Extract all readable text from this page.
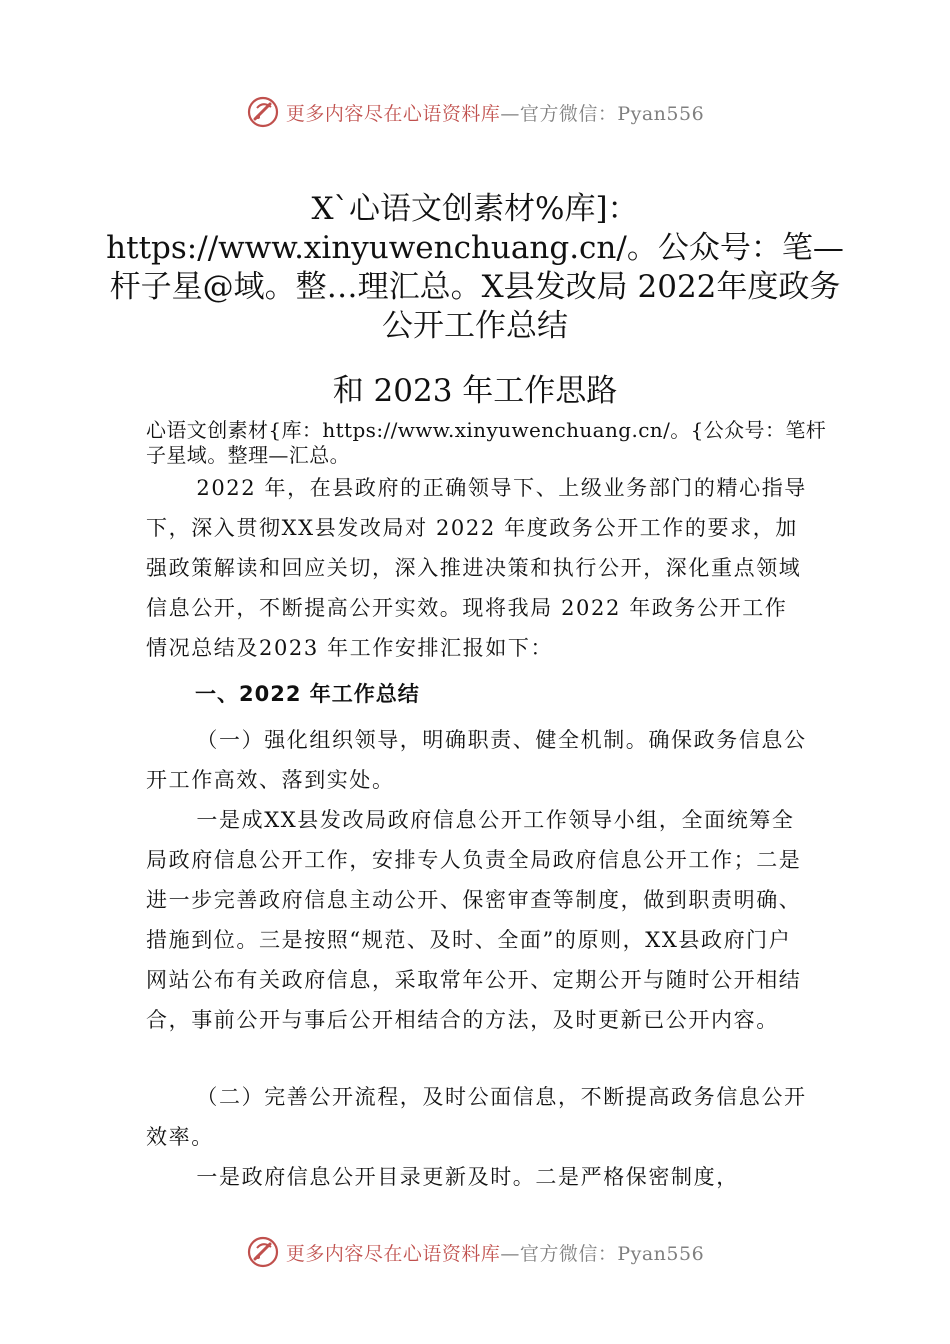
更多内容尽在心语资料库—官方微信：Pyan556
X`心语文创素材%库]：https://www.xinyuwenchuang.cn/。公众号：笔—杆子星@域。整…理汇总。X县发改局 2022年度政务公开工作总结
和 2023 年工作思路
心语文创素材{库：https://www.xinyuwenchuang.cn/。{公众号：笔杆子星域。整理—汇总。

2022 年，在县政府的正确领导下、上级业务部门的精心指导下，深入贯彻XX县发改局对 2022 年度政务公开工作的要求，加强政策解读和回应关切，深入推进决策和执行公开，深化重点领域信息公开，不断提高公开实效。现将我局 2022 年政务公开工作情况总结及2023 年工作安排汇报如下：

一、2022 年工作总结

（一）强化组织领导，明确职责、健全机制。确保政务信息公开工作高效、落到实处。

一是成XX县发改局政府信息公开工作领导小组，全面统筹全局政府信息公开工作，安排专人负责全局政府信息公开工作；二是进一步完善政府信息主动公开、保密审查等制度，做到职责明确、措施到位。三是按照“规范、及时、全面”的原则，XX县政府门户网站公布有关政府信息，采取常年公开、定期公开与随时公开相结合，事前公开与事后公开相结合的方法，及时更新已公开内容。

（二）完善公开流程，及时公面信息，不断提高政务信息公开效率。

一是政府信息公开目录更新及时。二是严格保密制度，

更多内容尽在心语资料库—官方微信：Pyan556
